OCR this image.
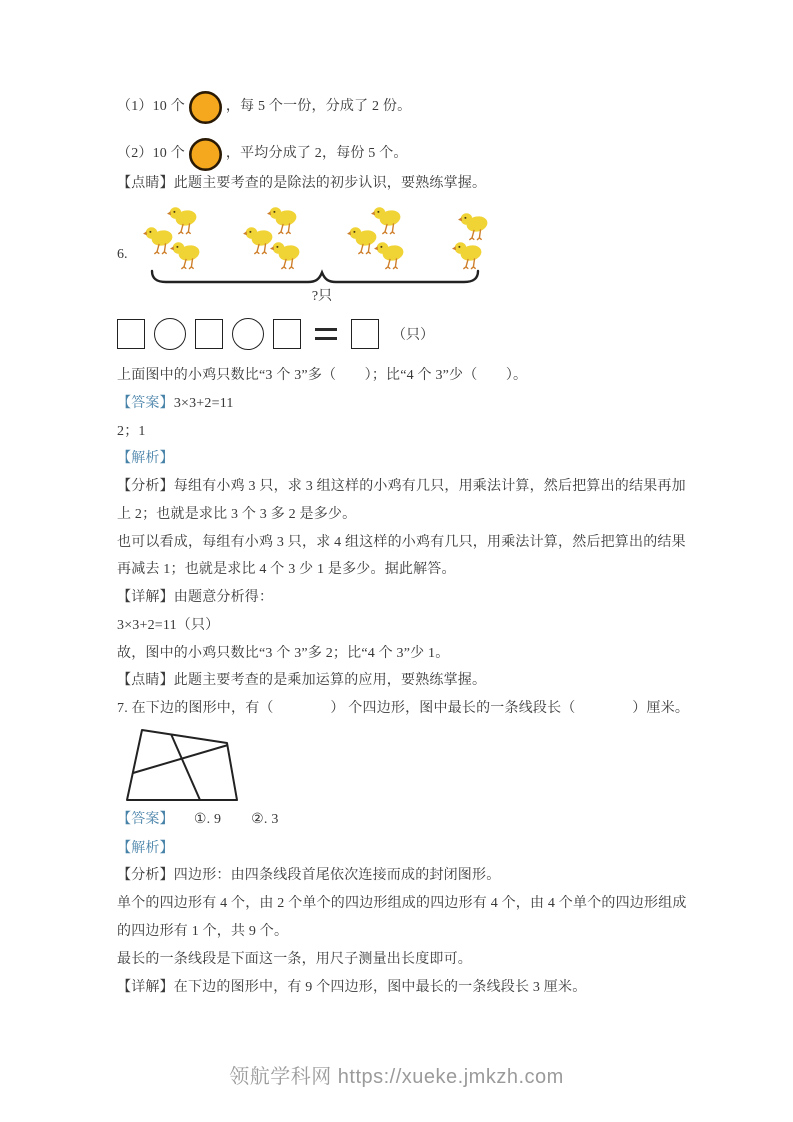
（1）10 个	，每 5 个一份，分成了 2 份。

（2）10 个	，平均分成了 2，每份 5 个。

【点睛】此题主要考查的是除法的初步认识，要熟练掌握。

6.

?只

（只）

上面图中的小鸡只数比“3 个 3”多（　　）；比“4 个 3”少（　　）。

【答案】3×3+2=11

2；1

【解析】

【分析】每组有小鸡 3 只，求 3 组这样的小鸡有几只，用乘法计算，然后把算出的结果再加

上 2；也就是求比 3 个 3 多 2 是多少。

也可以看成，每组有小鸡 3 只，求 4 组这样的小鸡有几只，用乘法计算，然后把算出的结果

再减去 1；也就是求比 4 个 3 少 1 是多少。据此解答。

【详解】由题意分析得：

3×3+2=11（只）

故，图中的小鸡只数比“3 个 3”多 2；比“4 个 3”少 1。

【点睛】此题主要考查的是乘加运算的应用，要熟练掌握。

7. 在下边的图形中，有（　　　　） 个四边形，图中最长的一条线段长（　　　　）厘米。

【答案】 ①. 9 ②. 3

【解析】

【分析】四边形：由四条线段首尾依次连接而成的封闭图形。

单个的四边形有 4 个，由 2 个单个的四边形组成的四边形有 4 个，由 4 个单个的四边形组成

的四边形有 1 个，共 9 个。

最长的一条线段是下面这一条，用尺子测量出长度即可。

【详解】在下边的图形中，有 9 个四边形，图中最长的一条线段长 3 厘米。

领航学科网 https://xueke.jmkzh.com
